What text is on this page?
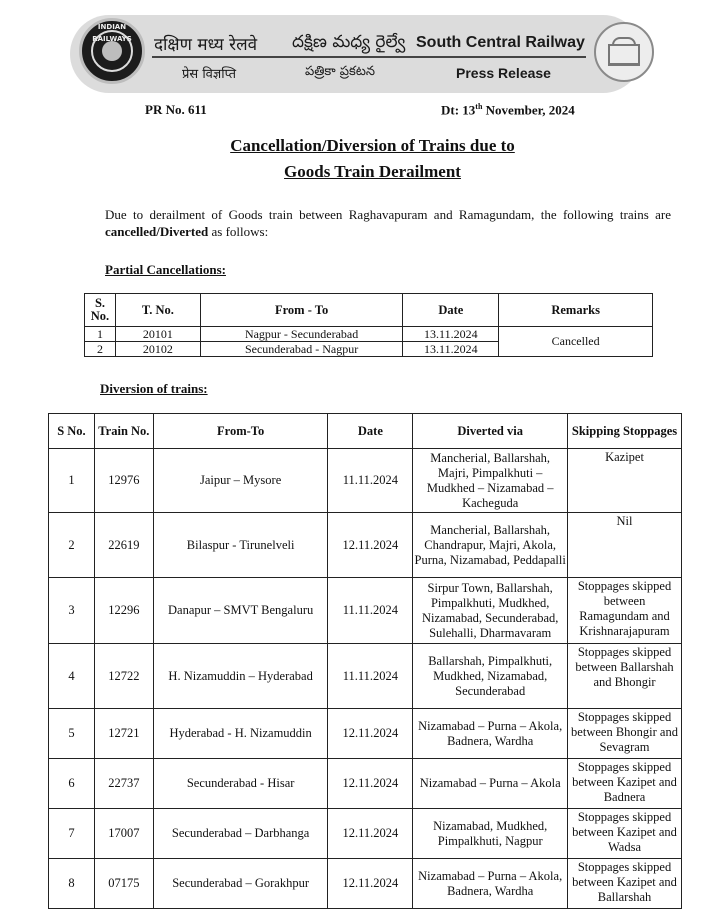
INDIAN RAILWAYS	दक्षिण मध्य रेलवे దక్షిణ మధ్య రైల్వే South Central Railway
प्रेस विज्ञप्ति	పత్రికా ప్రకటన	Press Release
PR No. 611	Dt: 13th November, 2024
Cancellation/Diversion of Trains due to
Goods Train Derailment
Due to derailment of Goods train between Raghavapuram and Ramagundam, the following trains are cancelled/Diverted as follows:
Partial Cancellations:
S. No.	T. No.	From - To	Date	Remarks
1	20101	Nagpur - Secunderabad	13.11.2024	Cancelled
2	20102	Secunderabad - Nagpur	13.11.2024	
Diversion of trains:
S No.	Train No.	From-To	Date	Diverted via	Skipping Stoppages
1	12976	Jaipur – Mysore	11.11.2024	Mancherial, Ballarshah, Majri, Pimpalkhuti – Mudkhed – Nizamabad – Kacheguda	Kazipet
2	22619	Bilaspur - Tirunelveli	12.11.2024	Mancherial, Ballarshah, Chandrapur, Majri, Akola, Purna, Nizamabad, Peddapalli	Nil
3	12296	Danapur – SMVT Bengaluru	11.11.2024	Sirpur Town, Ballarshah, Pimpalkhuti, Mudkhed, Nizamabad, Secunderabad, Sulehalli, Dharmavaram	Stoppages skipped between Ramagundam and Krishnarajapuram
4	12722	H. Nizamuddin – Hyderabad	11.11.2024	Ballarshah, Pimpalkhuti, Mudkhed, Nizamabad, Secunderabad	Stoppages skipped between Ballarshah and Bhongir
5	12721	Hyderabad - H. Nizamuddin	12.11.2024	Nizamabad – Purna – Akola, Badnera, Wardha	Stoppages skipped between Bhongir and Sevagram
6	22737	Secunderabad - Hisar	12.11.2024	Nizamabad – Purna – Akola	Stoppages skipped between Kazipet and Badnera
7	17007	Secunderabad – Darbhanga	12.11.2024	Nizamabad, Mudkhed, Pimpalkhuti, Nagpur	Stoppages skipped between Kazipet and Wadsa
8	07175	Secunderabad – Gorakhpur	12.11.2024	Nizamabad – Purna – Akola, Badnera, Wardha	Stoppages skipped between Kazipet and Ballarshah
